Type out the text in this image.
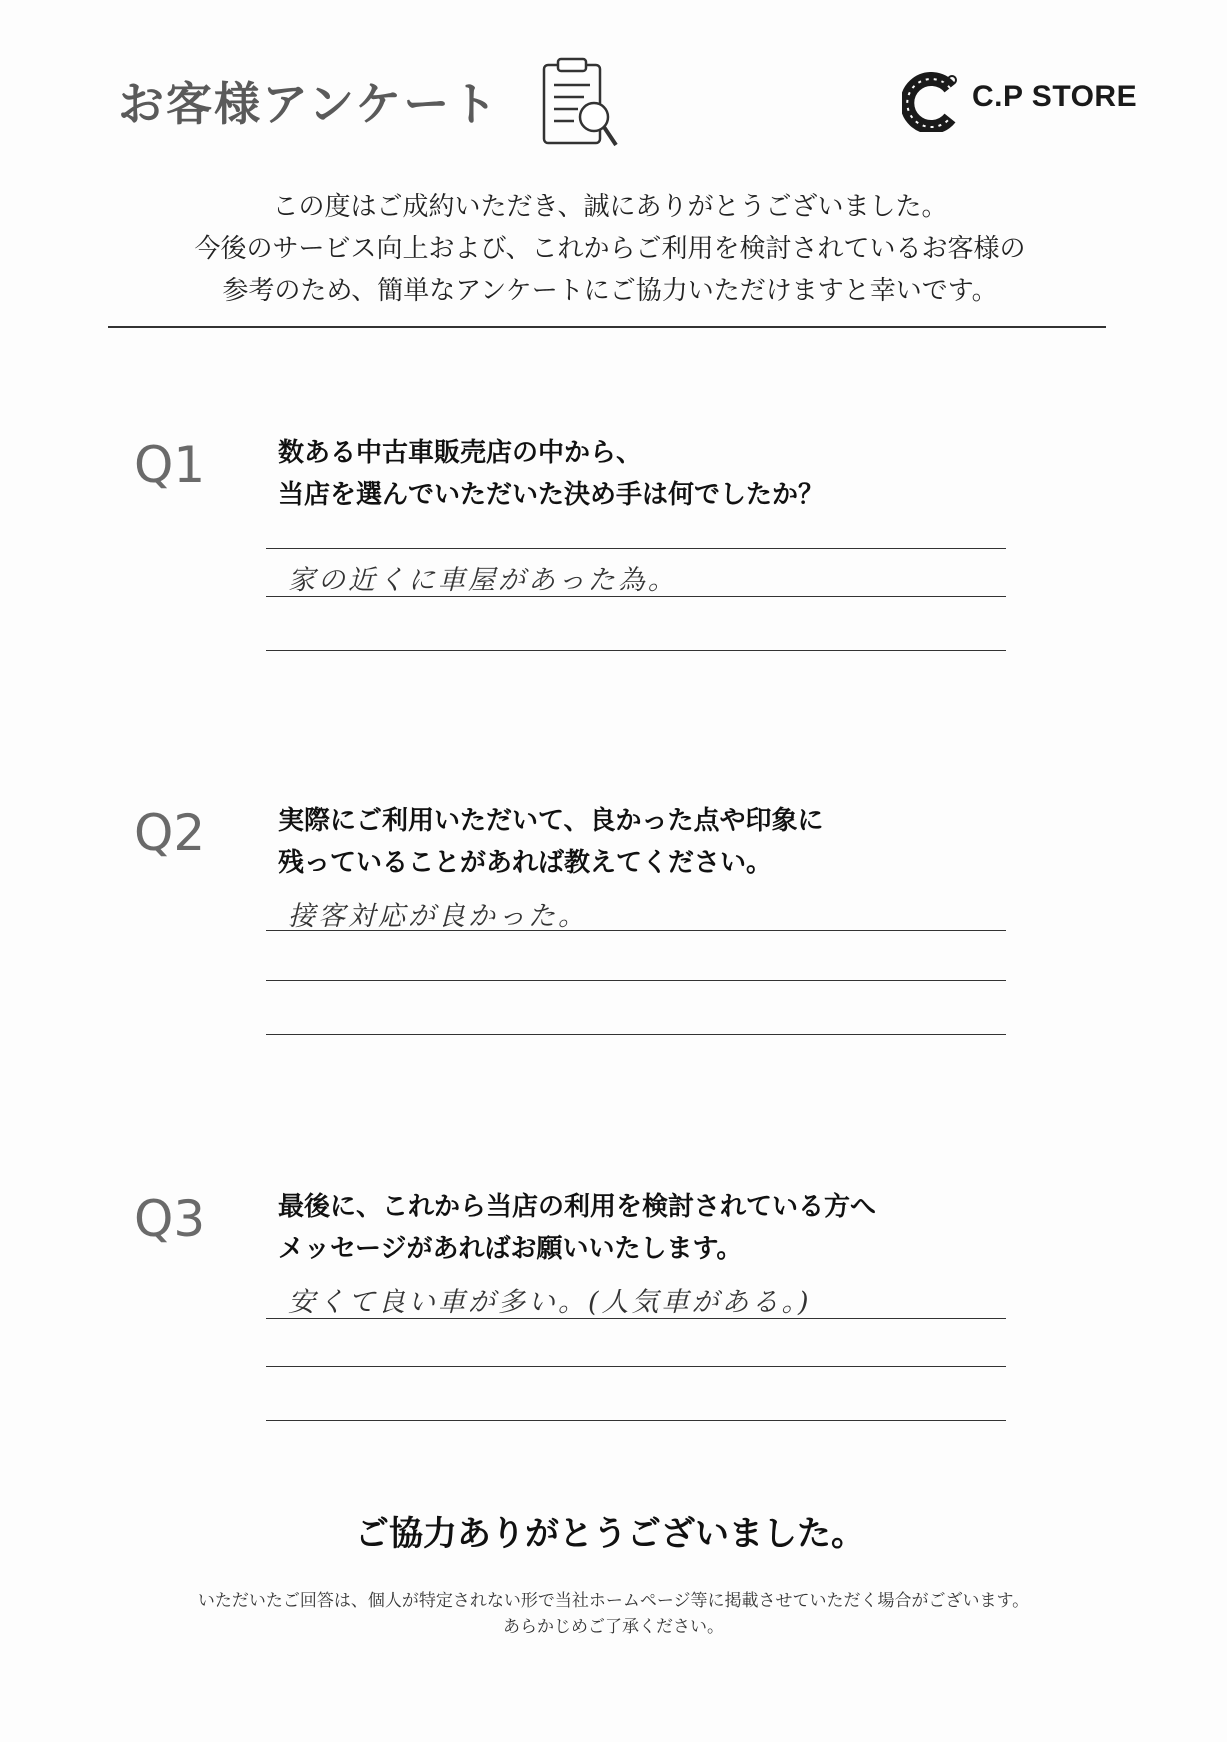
お客様アンケート	C.P STORE
この度はご成約いただき、誠にありがとうございました。
今後のサービス向上および、これからご利用を検討されているお客様の
参考のため、簡単なアンケートにご協力いただけますと幸いです。
Q1	数ある中古車販売店の中から、
当店を選んでいただいた決め手は何でしたか？
家の近くに車屋があった為。
Q2	実際にご利用いただいて、良かった点や印象に
残っていることがあれば教えてください。
接客対応が良かった。
Q3	最後に、これから当店の利用を検討されている方へ
メッセージがあればお願いいたします。
安くて良い車が多い。(人気車がある。)
ご協力ありがとうございました。
いただいたご回答は、個人が特定されない形で当社ホームページ等に掲載させていただく場合がございます。
あらかじめご了承ください。
